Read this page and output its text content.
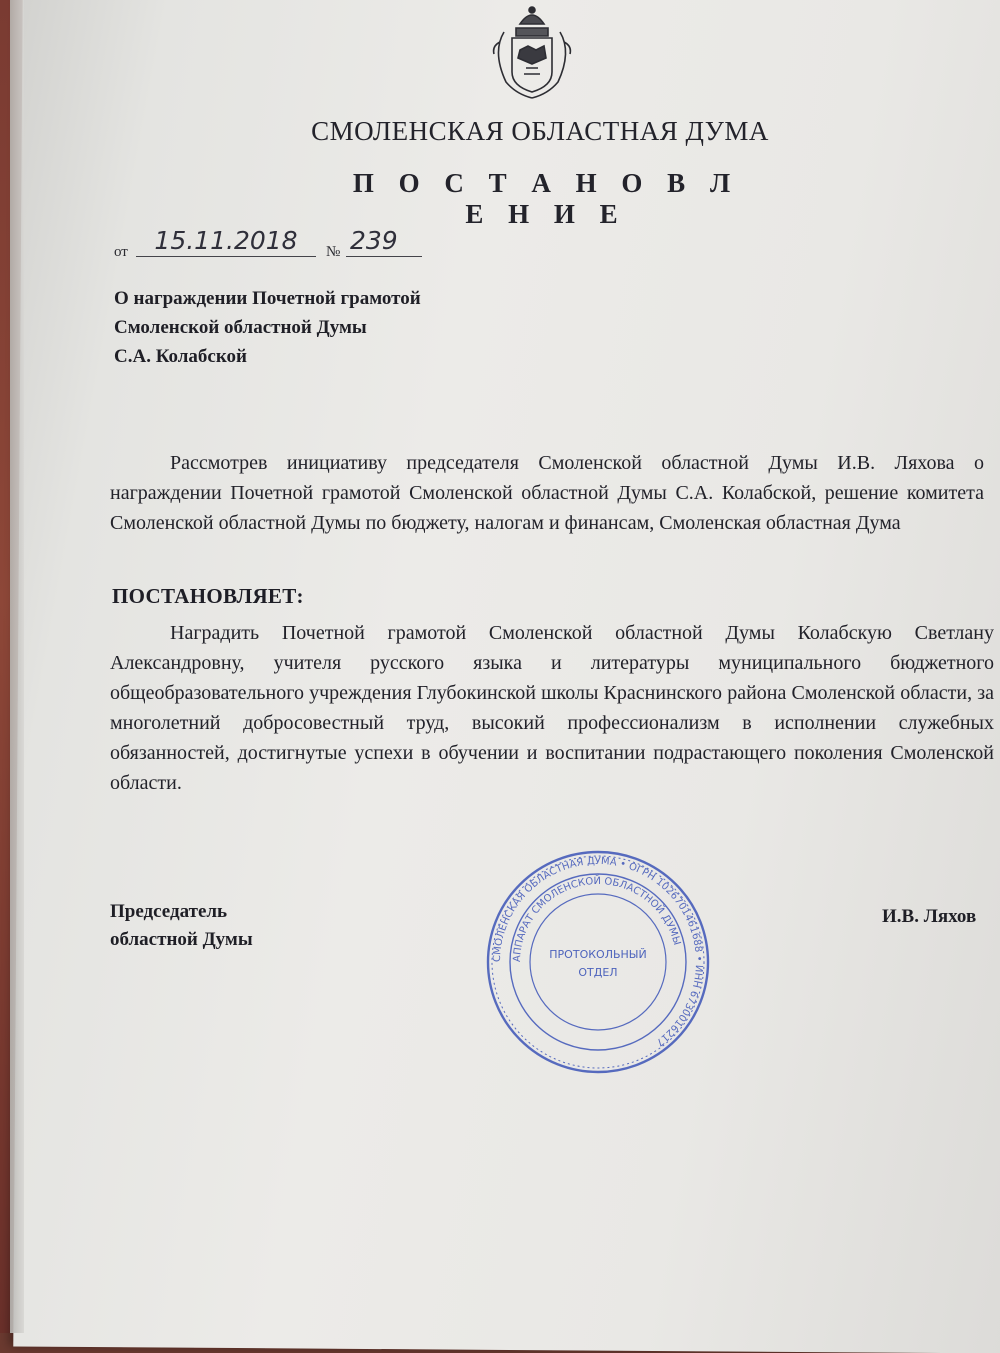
СМОЛЕНСКАЯ ОБЛАСТНАЯ ДУМА
П О С Т А Н О В Л Е Н И Е
от	15.11.2018	№ 239
О награждении Почетной грамотой
Смоленской областной Думы
С.А. Колабской
Рассмотрев инициативу председателя Смоленской областной Думы И.В. Ляхова о награждении Почетной грамотой Смоленской областной Думы С.А. Колабской, решение комитета Смоленской областной Думы по бюджету, налогам и финансам, Смоленская областная Дума
ПОСТАНОВЛЯЕТ:
Наградить Почетной грамотой Смоленской областной Думы Колабскую Светлану Александровну, учителя русского языка и литературы муниципального бюджетного общеобразовательного учреждения Глубокинской школы Краснинского района Смоленской области, за многолетний добросовестный труд, высокий профессионализм в исполнении служебных обязанностей, достигнутые успехи в обучении и воспитании подрастающего поколения Смоленской области.
Председатель
областной Думы
И.В. Ляхов
СМОЛЕНСКАЯ ОБЛАСТНАЯ ДУМА • ОГРН 1026701461688 • ИНН 6730016217
АППАРАТ СМОЛЕНСКОЙ ОБЛАСТНОЙ ДУМЫ
ПРОТОКОЛЬНЫЙ
ОТДЕЛ
